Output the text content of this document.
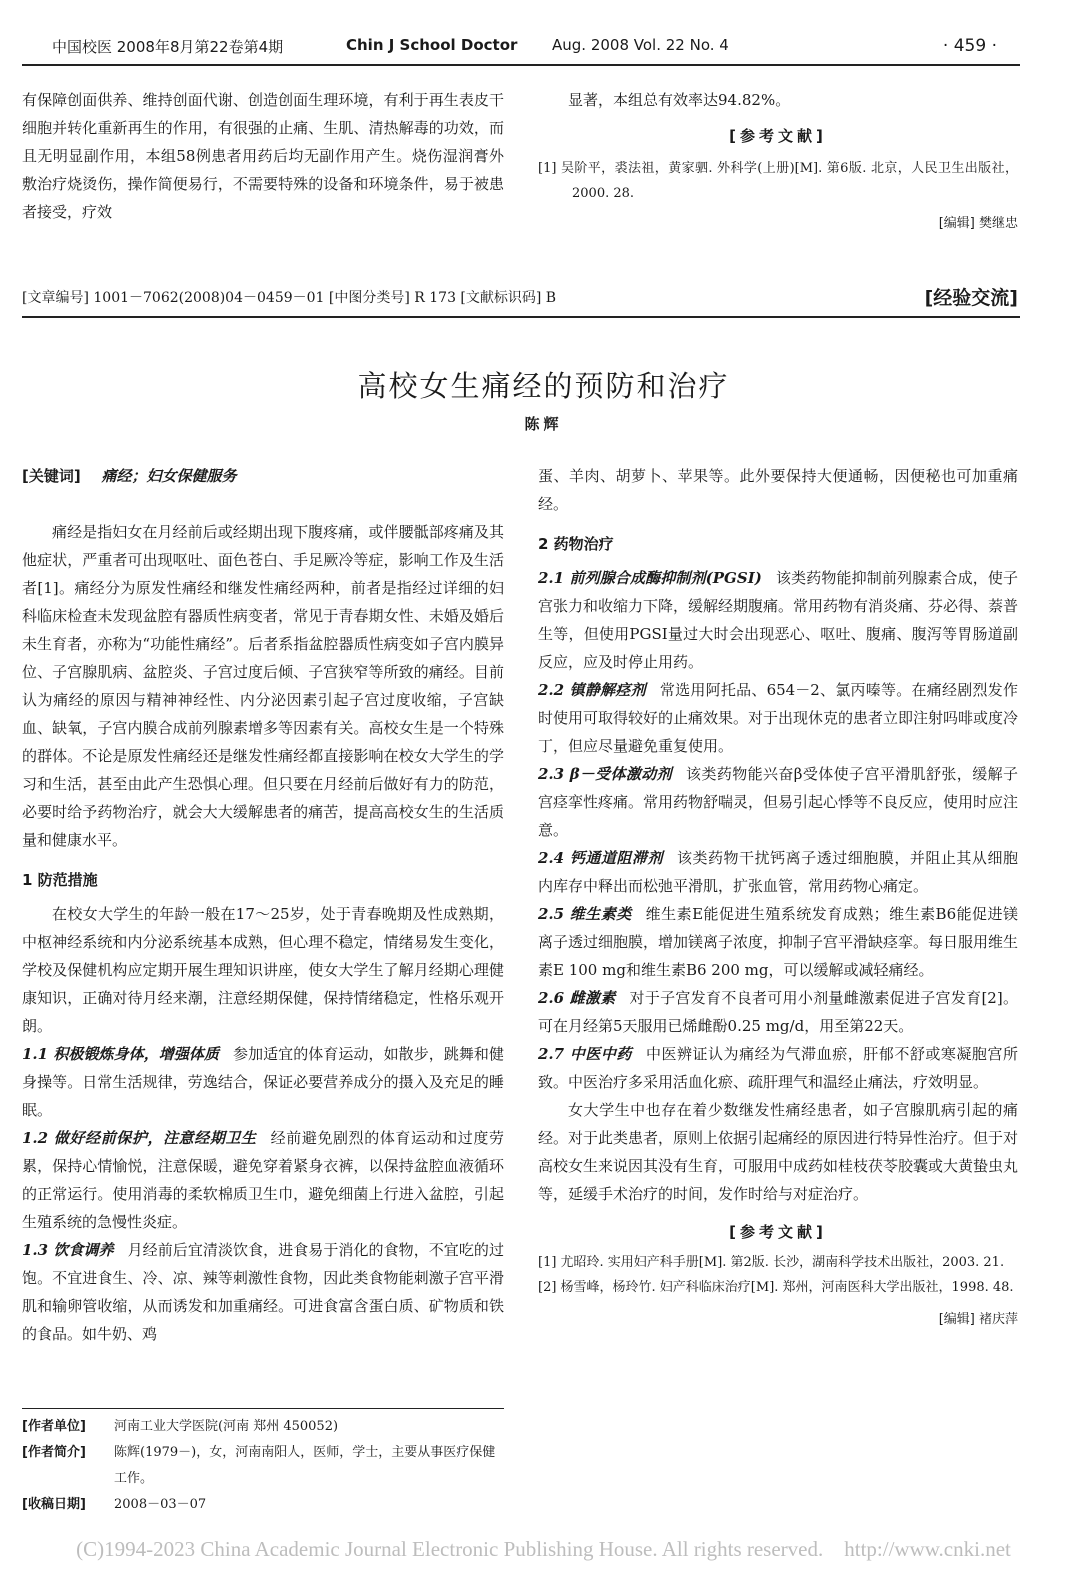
中国校医 2008年8月第22卷第4期	Chin J School Doctor Aug. 2008 Vol. 22 No. 4	· 459 ·

有保障创面供养、维持创面代谢、创造创面生理环境，有利于再生表皮干细胞并转化重新再生的作用，有很强的止痛、生肌、清热解毒的功效，而且无明显副作用，本组58例患者用药后均无副作用产生。烧伤湿润膏外敷治疗烧烫伤，操作简便易行，不需要特殊的设备和环境条件，易于被患者接受，疗效

显著，本组总有效率达94.82%。

[参考文献]
[1] 吴阶平，裘法祖，黄家驷. 外科学(上册)[M]. 第6版. 北京，人民卫生出版社，2000. 28.
[编辑] 樊继忠
[文章编号] 1001－7062(2008)04－0459－01 [中图分类号] R 173 [文献标识码] B	[经验交流]
高校女生痛经的预防和治疗
陈辉
[关键词] 痛经；妇女保健服务

痛经是指妇女在月经前后或经期出现下腹疼痛，或伴腰骶部疼痛及其他症状，严重者可出现呕吐、面色苍白、手足厥冷等症，影响工作及生活者[1]。痛经分为原发性痛经和继发性痛经两种，前者是指经过详细的妇科临床检查未发现盆腔有器质性病变者，常见于青春期女性、未婚及婚后未生育者，亦称为“功能性痛经”。后者系指盆腔器质性病变如子宫内膜异位、子宫腺肌病、盆腔炎、子宫过度后倾、子宫狭窄等所致的痛经。目前认为痛经的原因与精神神经性、内分泌因素引起子宫过度收缩，子宫缺血、缺氧，子宫内膜合成前列腺素增多等因素有关。高校女生是一个特殊的群体。不论是原发性痛经还是继发性痛经都直接影响在校女大学生的学习和生活，甚至由此产生恐惧心理。但只要在月经前后做好有力的防范，必要时给予药物治疗，就会大大缓解患者的痛苦，提高高校女生的生活质量和健康水平。

1 防范措施

在校女大学生的年龄一般在17～25岁，处于青春晚期及性成熟期，中枢神经系统和内分泌系统基本成熟，但心理不稳定，情绪易发生变化，学校及保健机构应定期开展生理知识讲座，使女大学生了解月经期心理健康知识，正确对待月经来潮，注意经期保健，保持情绪稳定，性格乐观开朗。

1.1 积极锻炼身体，增强体质 参加适宜的体育运动，如散步，跳舞和健身操等。日常生活规律，劳逸结合，保证必要营养成分的摄入及充足的睡眠。

1.2 做好经前保护，注意经期卫生 经前避免剧烈的体育运动和过度劳累，保持心情愉悦，注意保暖，避免穿着紧身衣裤，以保持盆腔血液循环的正常运行。使用消毒的柔软棉质卫生巾，避免细菌上行进入盆腔，引起生殖系统的急慢性炎症。

1.3 饮食调养 月经前后宜清淡饮食，进食易于消化的食物，不宜吃的过饱。不宜进食生、冷、凉、辣等刺激性食物，因此类食物能刺激子宫平滑肌和输卵管收缩，从而诱发和加重痛经。可进食富含蛋白质、矿物质和铁的食品。如牛奶、鸡

[作者单位]	河南工业大学医院(河南 郑州 450052)
[作者简介]	陈辉(1979－)，女，河南南阳人，医师，学士，主要从事医疗保健工作。
[收稿日期]	2008－03－07

蛋、羊肉、胡萝卜、苹果等。此外要保持大便通畅，因便秘也可加重痛经。

2 药物治疗

2.1 前列腺合成酶抑制剂(PGSI) 该类药物能抑制前列腺素合成，使子宫张力和收缩力下降，缓解经期腹痛。常用药物有消炎痛、芬必得、萘普生等，但使用PGSI量过大时会出现恶心、呕吐、腹痛、腹泻等胃肠道副反应，应及时停止用药。

2.2 镇静解痉剂 常选用阿托品、654－2、氯丙嗪等。在痛经剧烈发作时使用可取得较好的止痛效果。对于出现休克的患者立即注射吗啡或度冷丁，但应尽量避免重复使用。

2.3 β－受体激动剂 该类药物能兴奋β受体使子宫平滑肌舒张，缓解子宫痉挛性疼痛。常用药物舒喘灵，但易引起心悸等不良反应，使用时应注意。

2.4 钙通道阻滞剂 该类药物干扰钙离子透过细胞膜，并阻止其从细胞内库存中释出而松弛平滑肌，扩张血管，常用药物心痛定。

2.5 维生素类 维生素E能促进生殖系统发育成熟；维生素B6能促进镁离子透过细胞膜，增加镁离子浓度，抑制子宫平滑缺痉挛。每日服用维生素E 100 mg和维生素B6 200 mg，可以缓解或减轻痛经。

2.6 雌激素 对于子宫发育不良者可用小剂量雌激素促进子宫发育[2]。可在月经第5天服用已烯雌酚0.25 mg/d，用至第22天。

2.7 中医中药 中医辨证认为痛经为气滞血瘀，肝郁不舒或寒凝胞宫所致。中医治疗多采用活血化瘀、疏肝理气和温经止痛法，疗效明显。

女大学生中也存在着少数继发性痛经患者，如子宫腺肌病引起的痛经。对于此类患者，原则上依据引起痛经的原因进行特异性治疗。但于对高校女生来说因其没有生育，可服用中成药如桂枝茯苓胶囊或大黄蛰虫丸等，延缓手术治疗的时间，发作时给与对症治疗。

[参考文献]
[1] 尤昭玲. 实用妇产科手册[M]. 第2版. 长沙，湖南科学技术出版社，2003. 21.
[2] 杨雪峰，杨玲竹. 妇产科临床治疗[M]. 郑州，河南医科大学出版社，1998. 48.
[编辑] 褚庆萍
(C)1994-2023 China Academic Journal Electronic Publishing House. All rights reserved.    http://www.cnki.net
